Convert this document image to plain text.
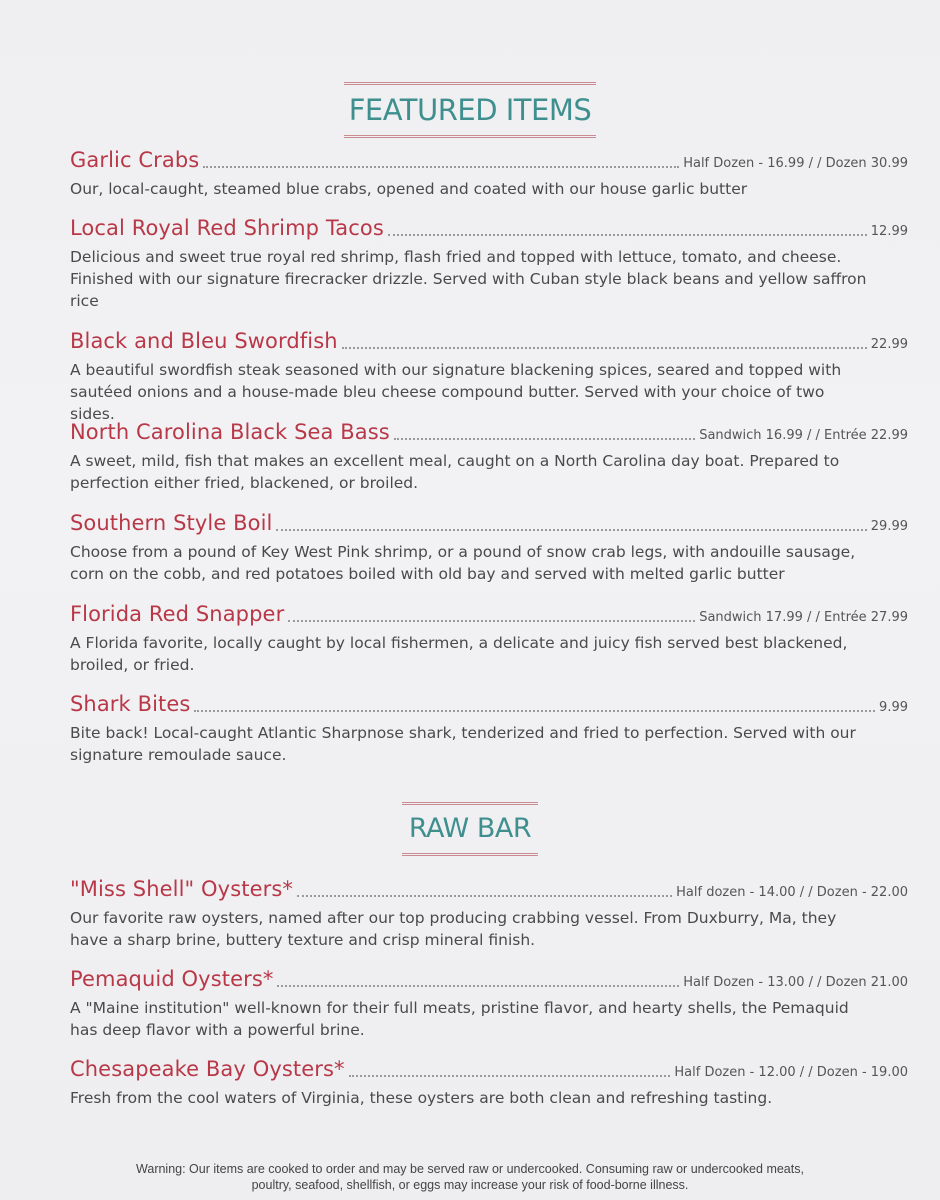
FEATURED ITEMS
Garlic Crabs	Half Dozen - 16.99 / / Dozen 30.99
Our, local-caught, steamed blue crabs, opened and coated with our house garlic butter
Local Royal Red Shrimp Tacos	12.99
Delicious and sweet true royal red shrimp, flash fried and topped with lettuce, tomato, and cheese. Finished with our signature firecracker drizzle. Served with Cuban style black beans and yellow saffron rice
Black and Bleu Swordfish	22.99
A beautiful swordfish steak seasoned with our signature blackening spices, seared and topped with sautéed onions and a house-made bleu cheese compound butter. Served with your choice of two sides.
North Carolina Black Sea Bass	Sandwich 16.99 / / Entrée 22.99
A sweet, mild, fish that makes an excellent meal, caught on a North Carolina day boat. Prepared to perfection either fried, blackened, or broiled.
Southern Style Boil	29.99
Choose from a pound of Key West Pink shrimp, or a pound of snow crab legs, with andouille sausage, corn on the cobb, and red potatoes boiled with old bay and served with melted garlic butter
Florida Red Snapper	Sandwich 17.99 / / Entrée 27.99
A Florida favorite, locally caught by local fishermen, a delicate and juicy fish served best blackened, broiled, or fried.
Shark Bites	9.99
Bite back! Local-caught Atlantic Sharpnose shark, tenderized and fried to perfection. Served with our signature remoulade sauce.
RAW BAR
"Miss Shell" Oysters*	Half dozen - 14.00 / / Dozen - 22.00
Our favorite raw oysters, named after our top producing crabbing vessel. From Duxburry, Ma, they have a sharp brine, buttery texture and crisp mineral finish.
Pemaquid Oysters*	Half Dozen - 13.00 / / Dozen 21.00
A "Maine institution" well-known for their full meats, pristine flavor, and hearty shells, the Pemaquid has deep flavor with a powerful brine.
Chesapeake Bay Oysters*	Half Dozen - 12.00 / / Dozen - 19.00
Fresh from the cool waters of Virginia, these oysters are both clean and refreshing tasting.
Warning: Our items are cooked to order and may be served raw or undercooked. Consuming raw or undercooked meats,
poultry, seafood, shellfish, or eggs may increase your risk of food-borne illness.
